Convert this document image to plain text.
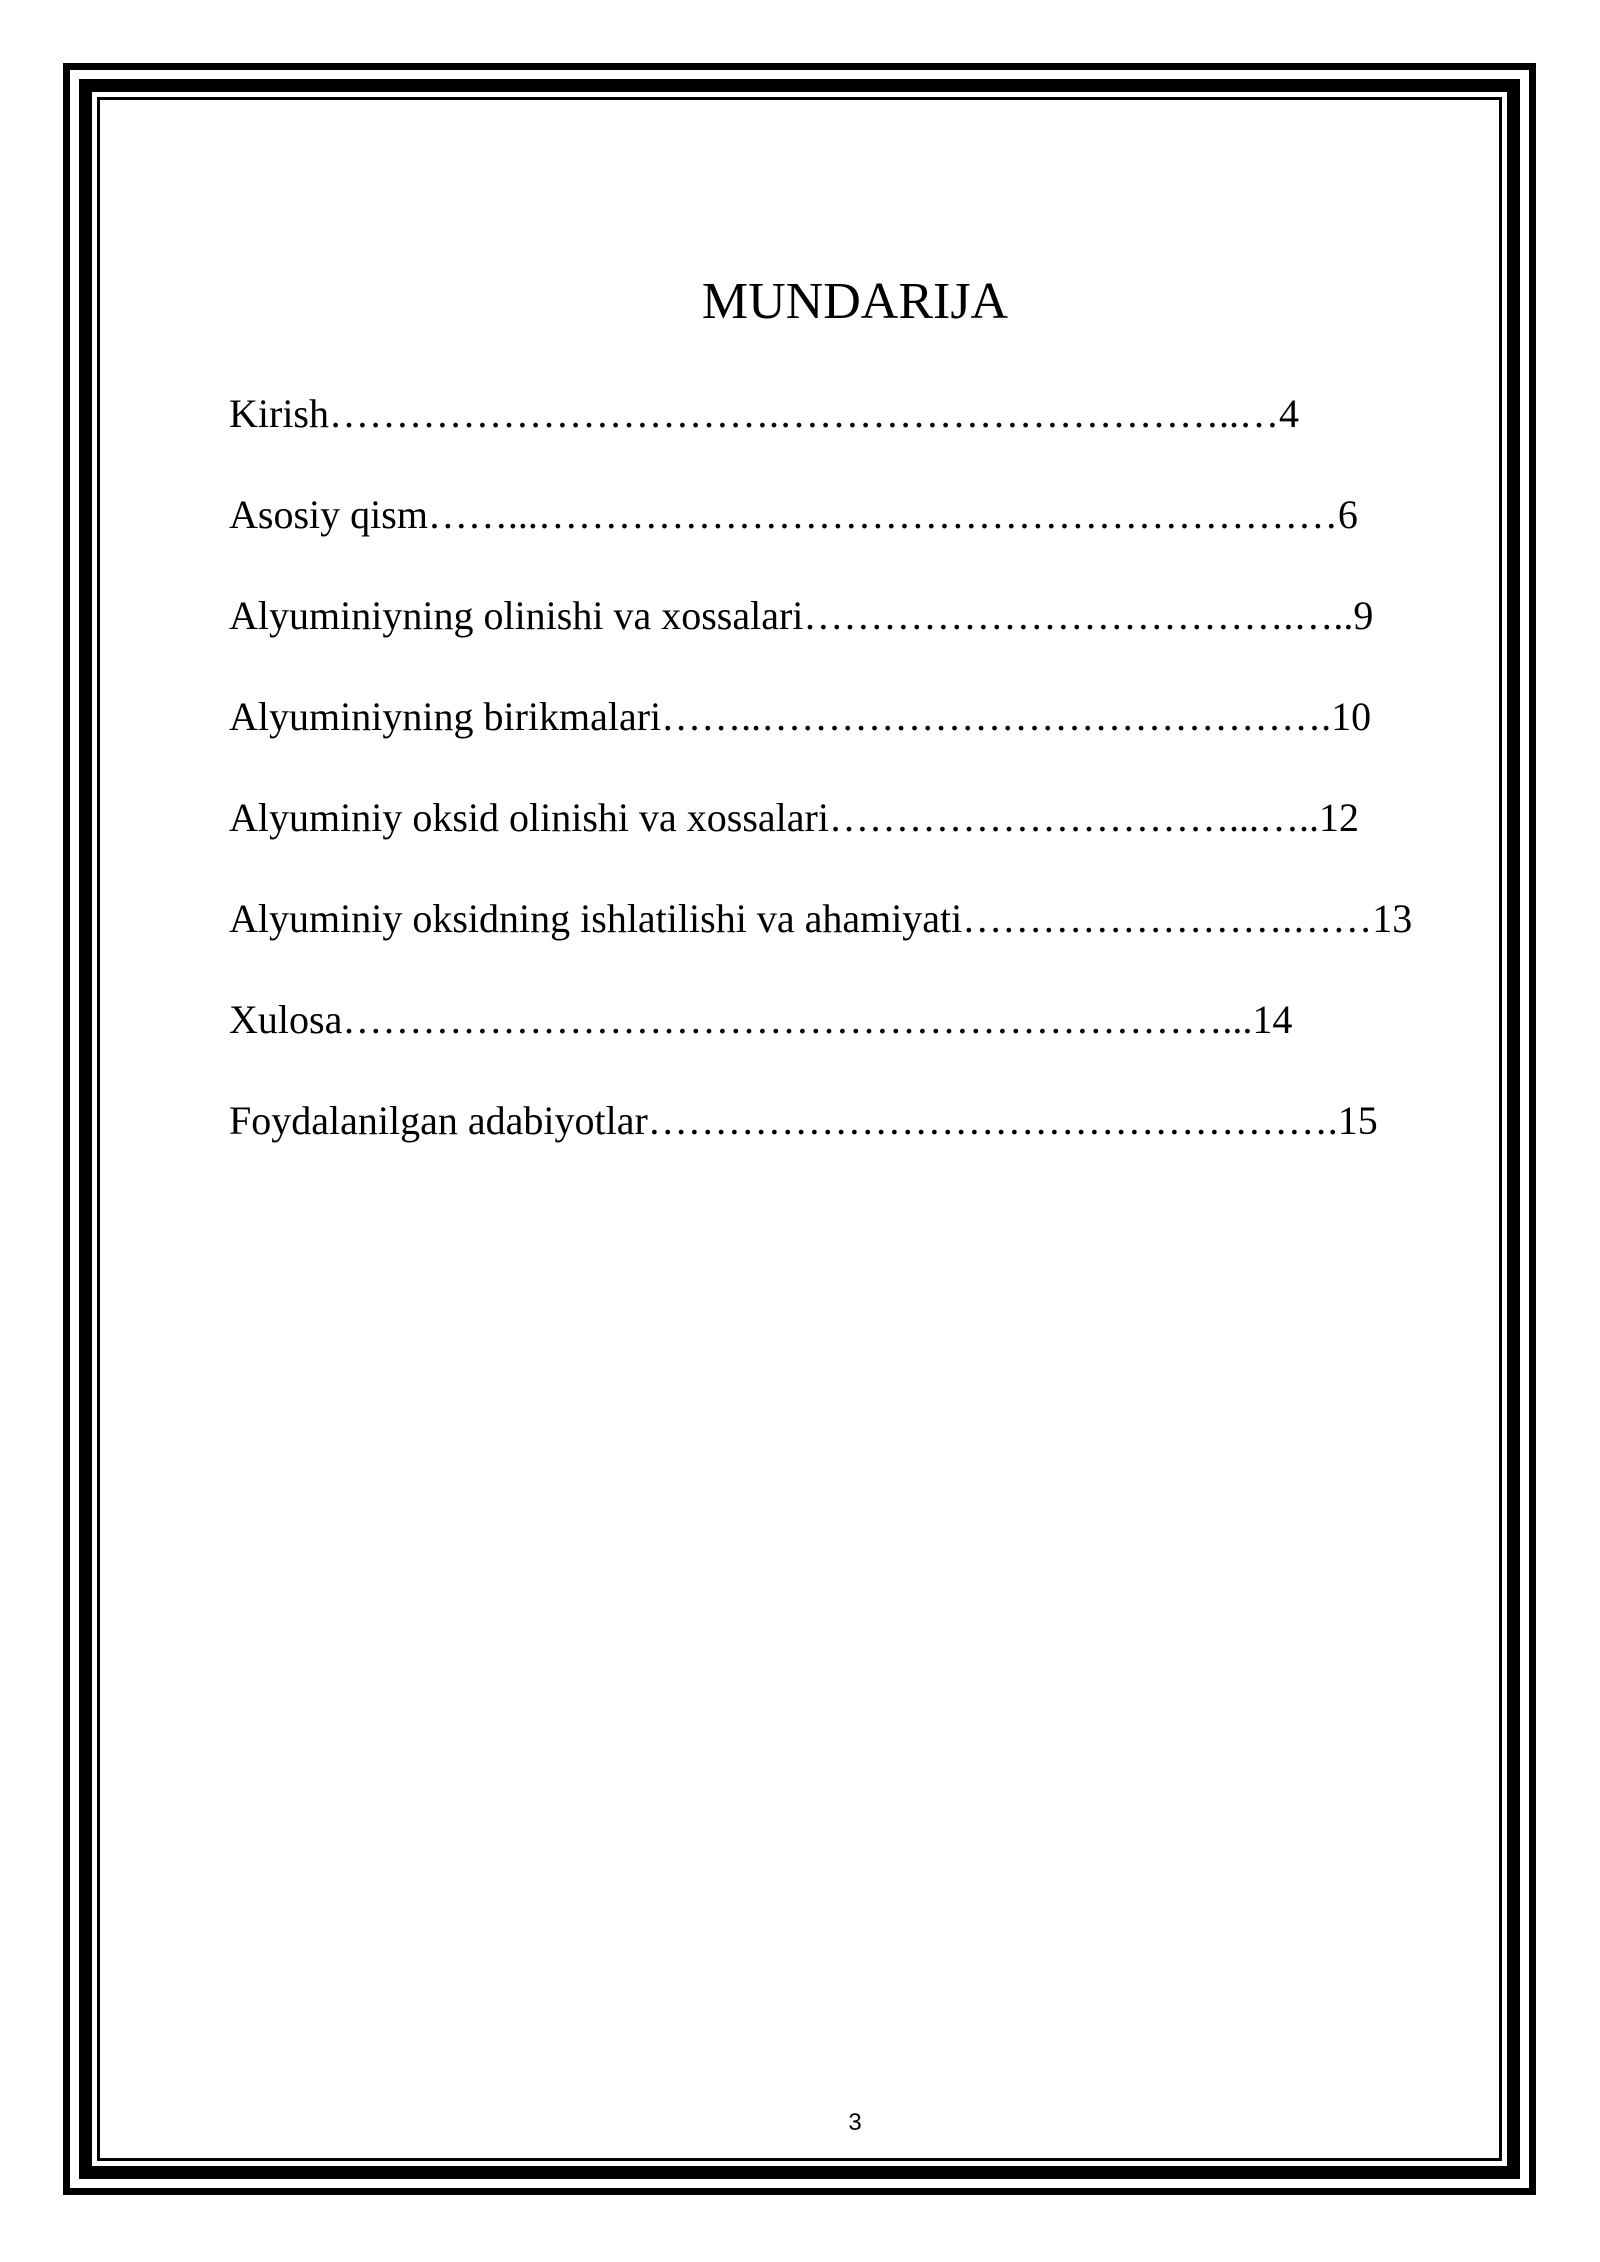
MUNDARIJA
Kirish…………………………….……………………………..…4
Asosiy qism……...……………………………………………………6
Alyuminiyning olinishi va xossalari……………………………….…..9
Alyuminiyning birikmalari……..…………………………………….10
Alyuminiy oksid olinishi va xossalari…………………………...…..12
Alyuminiy oksidning ishlatilishi va ahamiyati…………………….……13
Xulosa…………………………………………………………...14
Foydalanilgan adabiyotlar…………………………………………….15
3
